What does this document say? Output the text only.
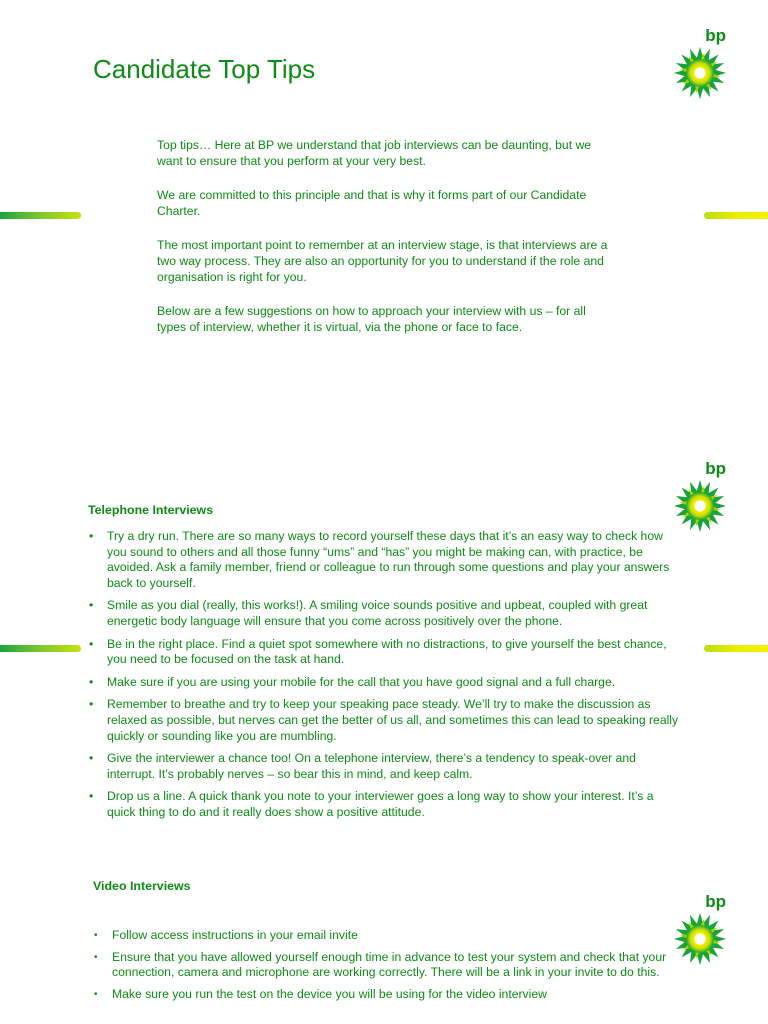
Candidate Top Tips
bp

Top tips… Here at BP we understand that job interviews can be daunting, but we want to ensure that you perform at your very best.

We are committed to this principle and that is why it forms part of our Candidate Charter.

The most important point to remember at an interview stage, is that interviews are a two way process. They are also an opportunity for you to understand if the role and organisation is right for you.

Below are a few suggestions on how to approach your interview with us – for all types of interview, whether it is virtual, via the phone or face to face.

bp
Telephone Interviews
• Try a dry run. There are so many ways to record yourself these days that it’s an easy way to check how you sound to others and all those funny “ums” and “has” you might be making can, with practice, be avoided. Ask a family member, friend or colleague to run through some questions and play your answers back to yourself.
• Smile as you dial (really, this works!). A smiling voice sounds positive and upbeat, coupled with great energetic body language will ensure that you come across positively over the phone.
• Be in the right place. Find a quiet spot somewhere with no distractions, to give yourself the best chance, you need to be focused on the task at hand.
• Make sure if you are using your mobile for the call that you have good signal and a full charge.
• Remember to breathe and try to keep your speaking pace steady. We’ll try to make the discussion as relaxed as possible, but nerves can get the better of us all, and sometimes this can lead to speaking really quickly or sounding like you are mumbling.
• Give the interviewer a chance too! On a telephone interview, there’s a tendency to speak-over and interrupt. It’s probably nerves – so bear this in mind, and keep calm.
• Drop us a line. A quick thank you note to your interviewer goes a long way to show your interest. It’s a quick thing to do and it really does show a positive attitude.
Video Interviews
bp
• Follow access instructions in your email invite
• Ensure that you have allowed yourself enough time in advance to test your system and check that your connection, camera and microphone are working correctly. There will be a link in your invite to do this.
• Make sure you run the test on the device you will be using for the video interview
